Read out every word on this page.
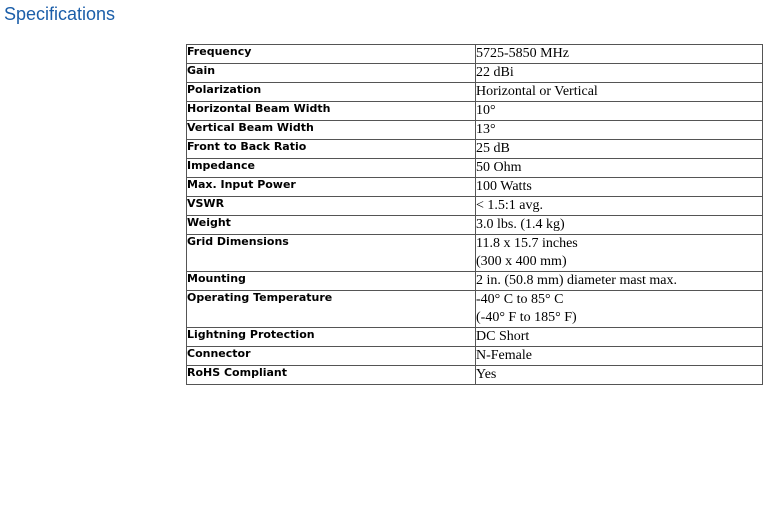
Specifications
Frequency	5725-5850 MHz

Gain	22 dBi

Polarization	Horizontal or Vertical

Horizontal Beam Width	10°

Vertical Beam Width	13°

Front to Back Ratio	25 dB

Impedance	50 Ohm

Max. Input Power	100 Watts

VSWR	< 1.5:1 avg.

Weight	3.0 lbs. (1.4 kg)

Grid Dimensions	11.8 x 15.7 inches
(300 x 400 mm)

Mounting	2 in. (50.8 mm) diameter mast max.

Operating Temperature	-40° C to 85° C
(-40° F to 185° F)

Lightning Protection	DC Short

Connector	N-Female

RoHS Compliant	Yes
